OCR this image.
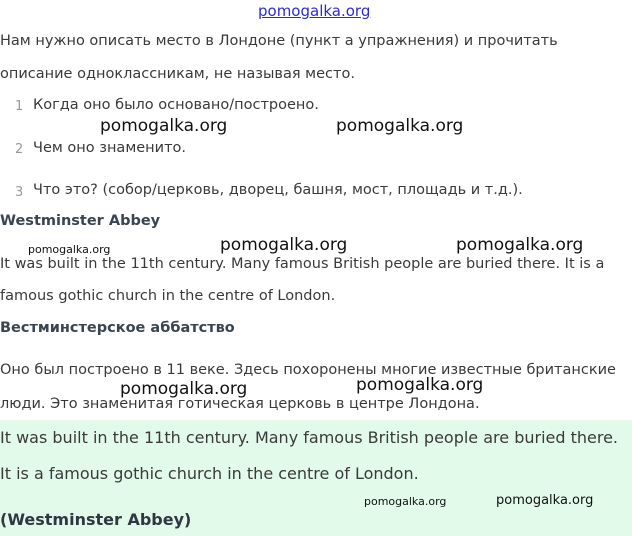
pomogalka.org
Нам нужно описать место в Лондоне (пункт а упражнения) и прочитать
описание одноклассникам, не называя место.
1 Когда оно было основано/построено.
2 Чем оно знаменито.
3 Что это? (собор/церковь, дворец, башня, мост, площадь и т.д.).
Westminster Abbey
It was built in the 11th century. Many famous British people are buried there. It is a
famous gothic church in the centre of London.
Вестминстерское аббатство
Оно был построено в 11 веке. Здесь похоронены многие известные британские
люди. Это знаменитая готическая церковь в центре Лондона.
It was built in the 11th century. Many famous British people are buried there.
It is a famous gothic church in the centre of London.
(Westminster Abbey)
pomogalka.org	pomogalka.org
pomogalka.org	pomogalka.org	pomogalka.org
pomogalka.org	pomogalka.org
pomogalka.org	pomogalka.org
